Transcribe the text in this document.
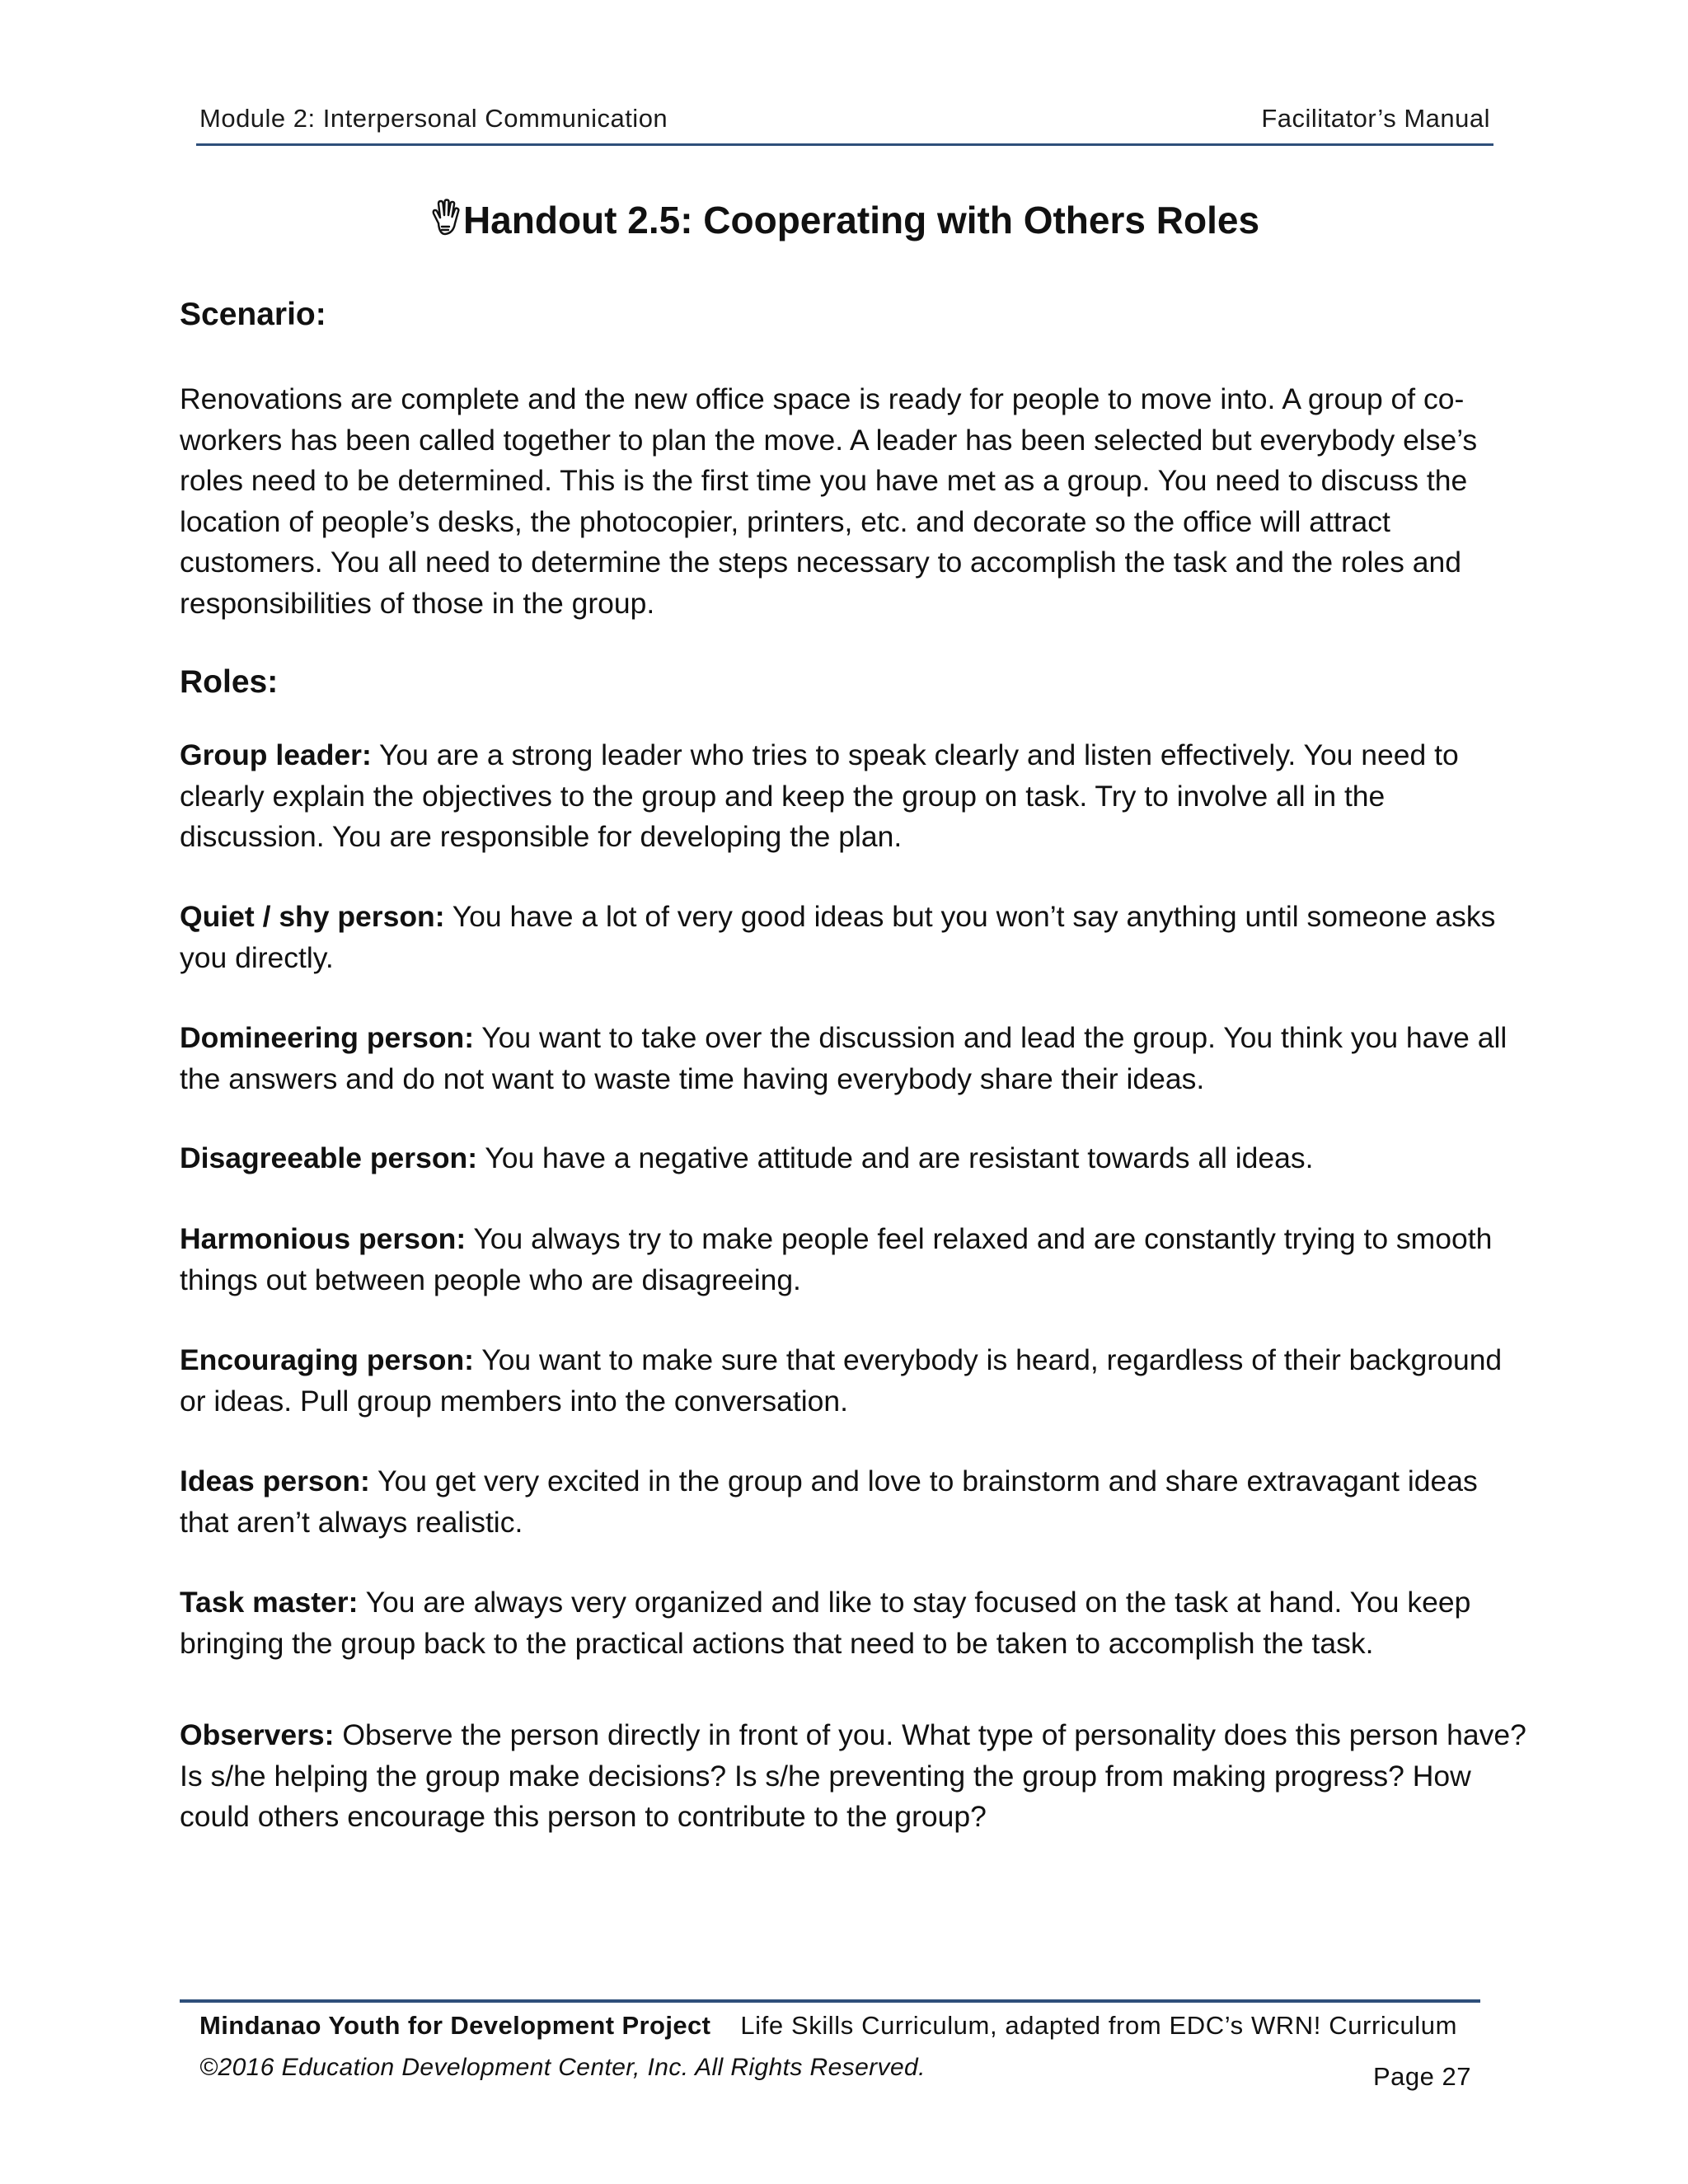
Module 2: Interpersonal Communication	Facilitator’s Manual
Handout 2.5: Cooperating with Others Roles
Scenario:
Renovations are complete and the new office space is ready for people to move into. A group of co-workers has been called together to plan the move. A leader has been selected but everybody else’s roles need to be determined. This is the first time you have met as a group. You need to discuss the location of people’s desks, the photocopier, printers, etc. and decorate so the office will attract customers. You all need to determine the steps necessary to accomplish the task and the roles and responsibilities of those in the group.
Roles:
Group leader: You are a strong leader who tries to speak clearly and listen effectively. You need to clearly explain the objectives to the group and keep the group on task. Try to involve all in the discussion. You are responsible for developing the plan.
Quiet / shy person: You have a lot of very good ideas but you won’t say anything until someone asks you directly.
Domineering person: You want to take over the discussion and lead the group. You think you have all the answers and do not want to waste time having everybody share their ideas.
Disagreeable person: You have a negative attitude and are resistant towards all ideas.
Harmonious person: You always try to make people feel relaxed and are constantly trying to smooth things out between people who are disagreeing.
Encouraging person: You want to make sure that everybody is heard, regardless of their background or ideas. Pull group members into the conversation.
Ideas person: You get very excited in the group and love to brainstorm and share extravagant ideas that aren’t always realistic.
Task master: You are always very organized and like to stay focused on the task at hand. You keep bringing the group back to the practical actions that need to be taken to accomplish the task.
Observers: Observe the person directly in front of you. What type of personality does this person have? Is s/he helping the group make decisions? Is s/he preventing the group from making progress? How could others encourage this person to contribute to the group?
Mindanao Youth for Development Project Life Skills Curriculum, adapted from EDC’s WRN! Curriculum
©2016 Education Development Center, Inc. All Rights Reserved.	Page 27
